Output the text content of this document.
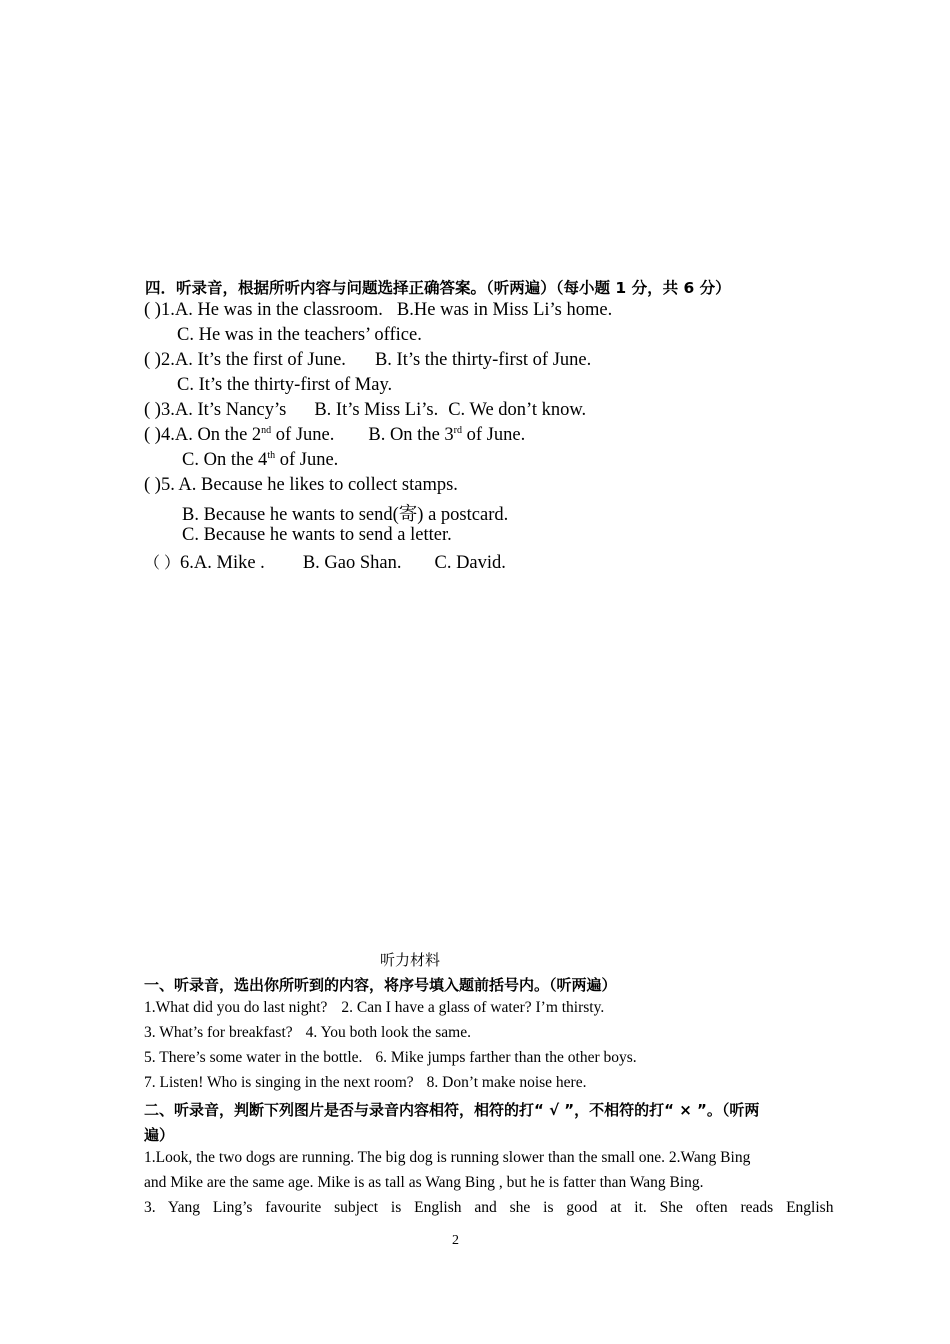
四．听录音，根据所听内容与问题选择正确答案。（听两遍）（每小题 1 分，共 6 分）
( )1.A. He was in the classroom. B.He was in Miss Li’s home.
C. He was in the teachers’ office.
( )2.A. It’s the first of June. B. It’s the thirty-first of June.
C. It’s the thirty-first of May.
( )3.A. It’s Nancy’s B. It’s Miss Li’s. C. We don’t know.
( )4.A. On the 2nd of June. B. On the 3rd of June.
C. On the 4th of June.
( )5. A. Because he likes to collect stamps.
B. Because he wants to send(寄) a postcard.
C. Because he wants to send a letter.
（ ）6.A. Mike . B. Gao Shan. C. David.
听力材料
一、听录音，选出你所听到的内容，将序号填入题前括号内。（听两遍）
1.What did you do last night? 2. Can I have a glass of water? I’m thirsty.
3. What’s for breakfast? 4. You both look the same.
5. There’s some water in the bottle. 6. Mike jumps farther than the other boys.
7. Listen! Who is singing in the next room? 8. Don’t make noise here.
二、听录音，判断下列图片是否与录音内容相符，相符的打“ √ ”，不相符的打“ × ”。（听两
遍）
1.Look, the two dogs are running. The big dog is running slower than the small one. 2.Wang Bing
and Mike are the same age. Mike is as tall as Wang Bing , but he is fatter than Wang Bing.
3. Yang Ling’s favourite subject is English and she is good at it. She often reads English
2
